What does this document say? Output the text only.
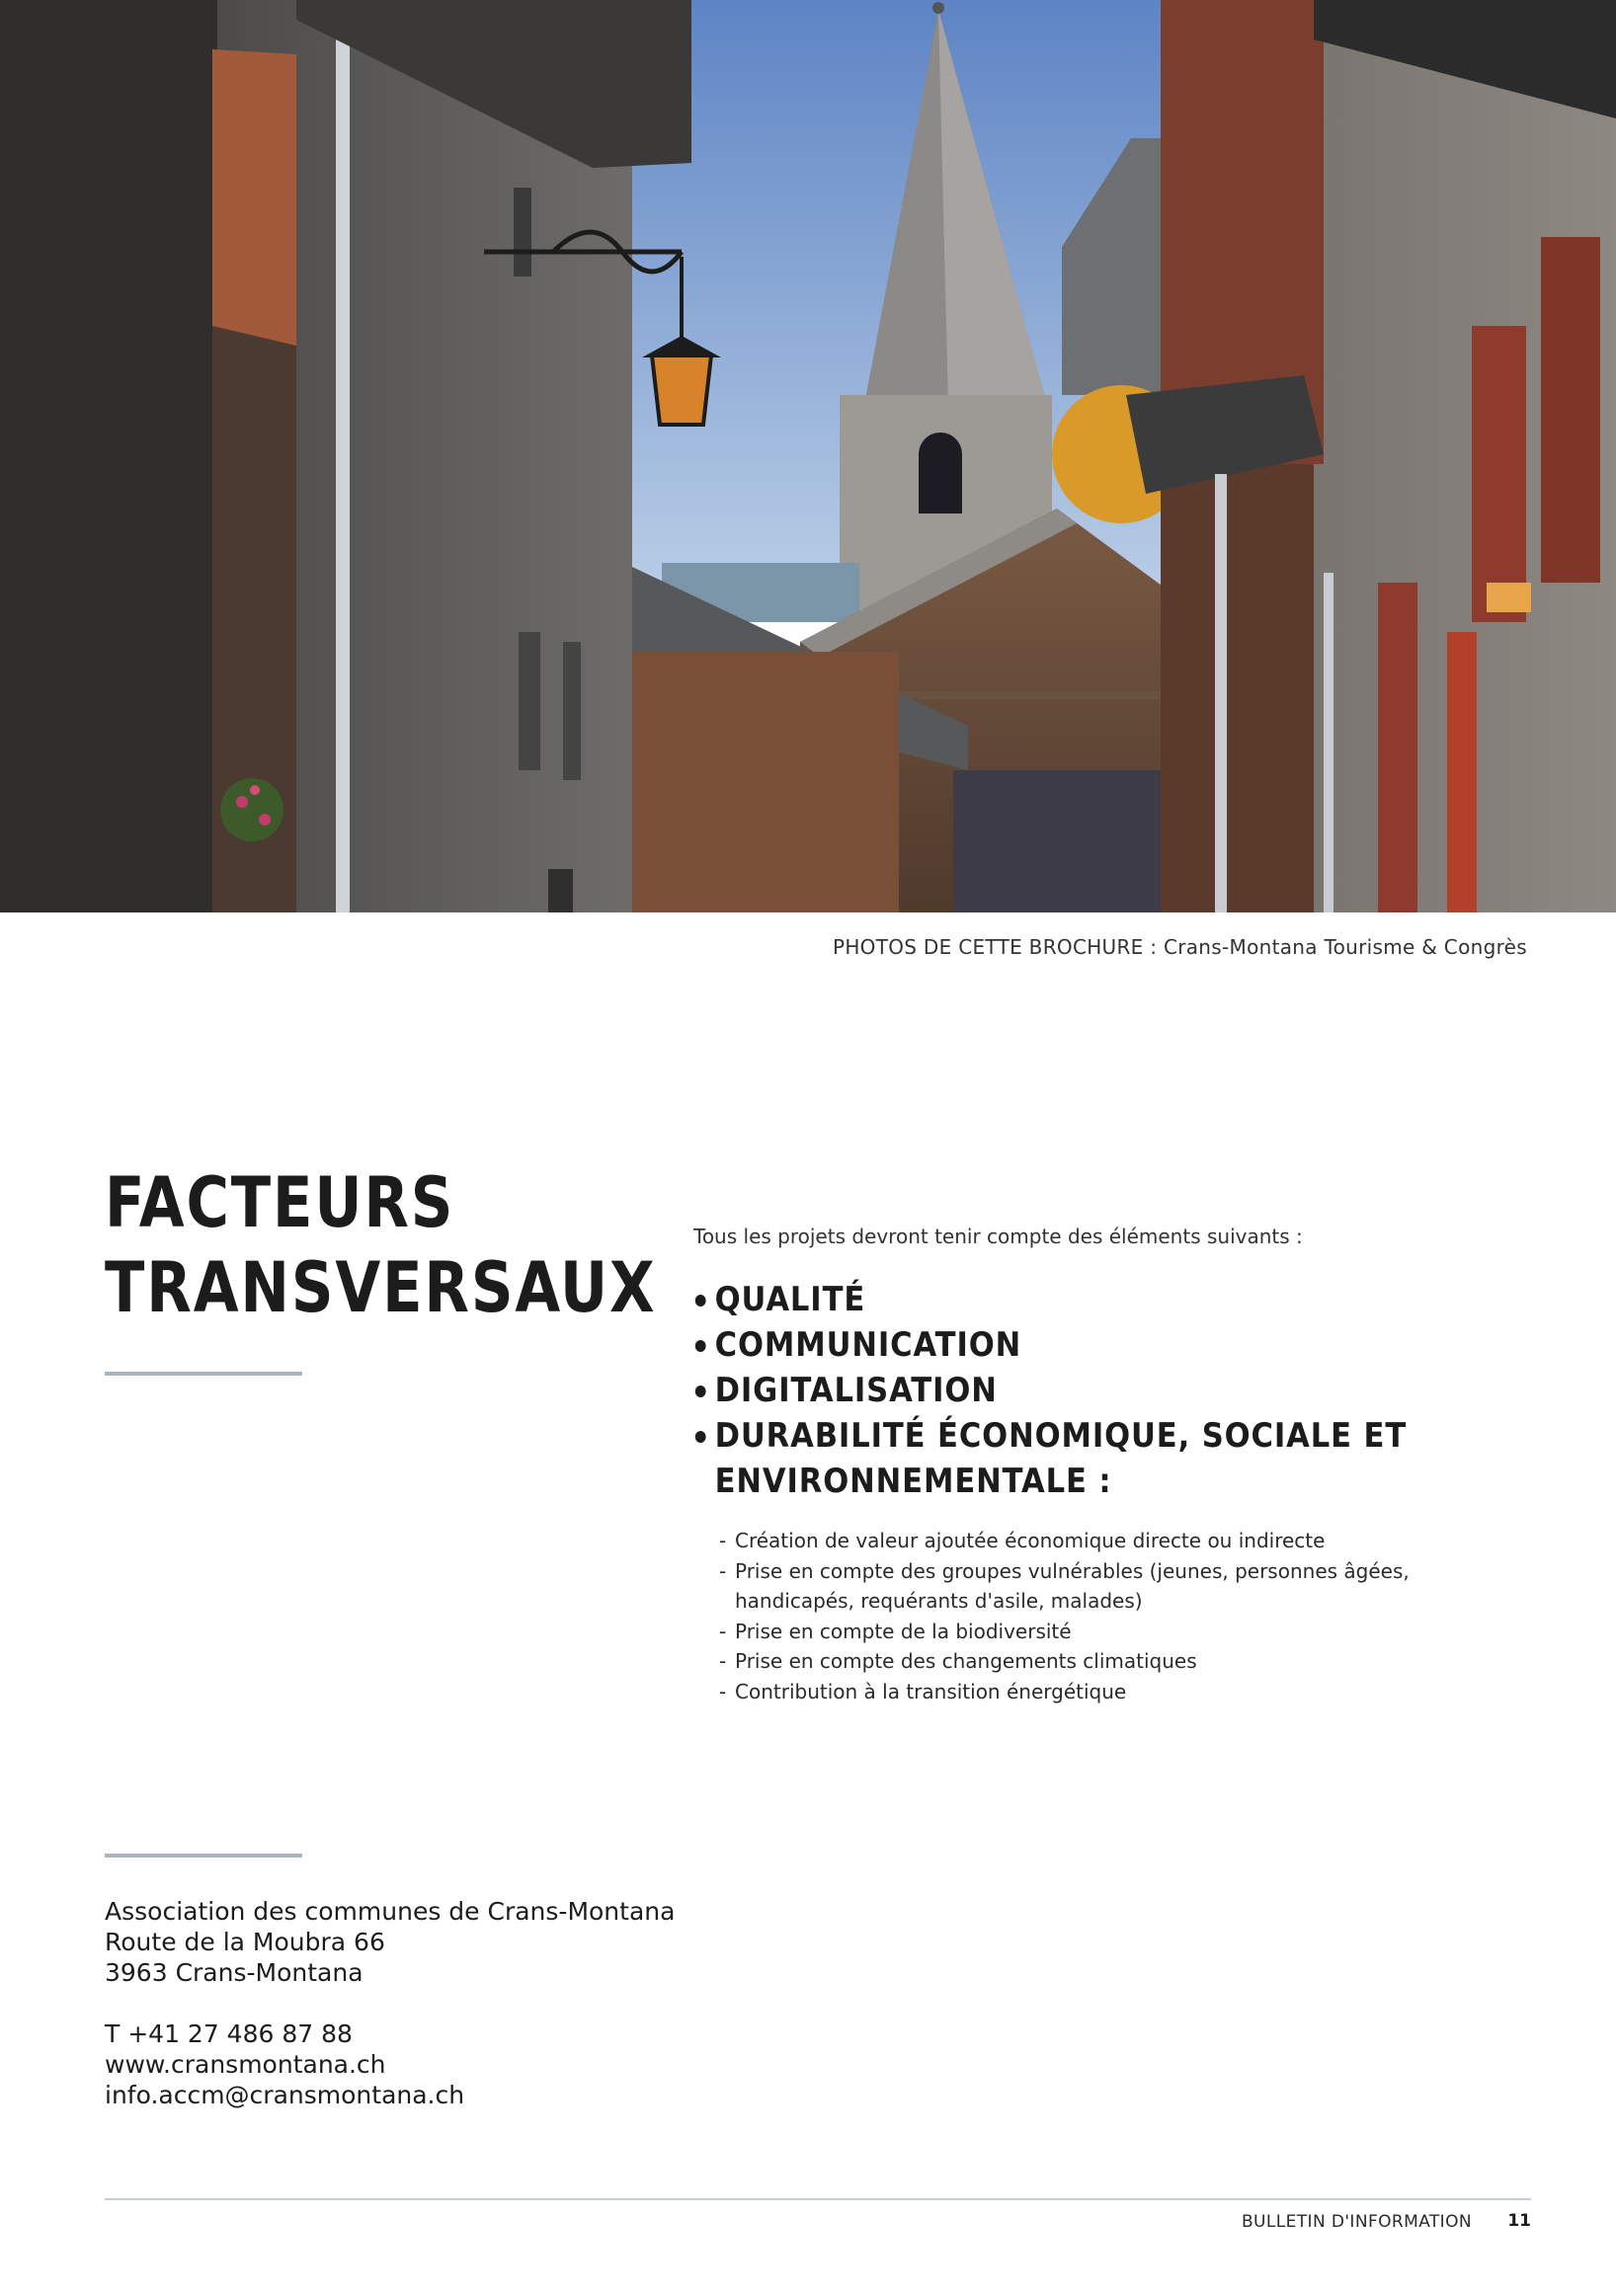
PHOTOS DE CETTE BROCHURE : Crans-Montana Tourisme & Congrès
FACTEURS
TRANSVERSAUX
Tous les projets devront tenir compte des éléments suivants :
QUALITÉ
COMMUNICATION
DIGITALISATION
DURABILITÉ ÉCONOMIQUE, SOCIALE ET
ENVIRONNEMENTALE :
- Création de valeur ajoutée économique directe ou indirecte
- Prise en compte des groupes vulnérables (jeunes, personnes âgées, handicapés, requérants d'asile, malades)
- Prise en compte de la biodiversité
- Prise en compte des changements climatiques
- Contribution à la transition énergétique
Association des communes de Crans-Montana
Route de la Moubra 66
3963 Crans-Montana
T +41 27 486 87 88
www.cransmontana.ch
info.accm@cransmontana.ch
BULLETIN D'INFORMATION 11
